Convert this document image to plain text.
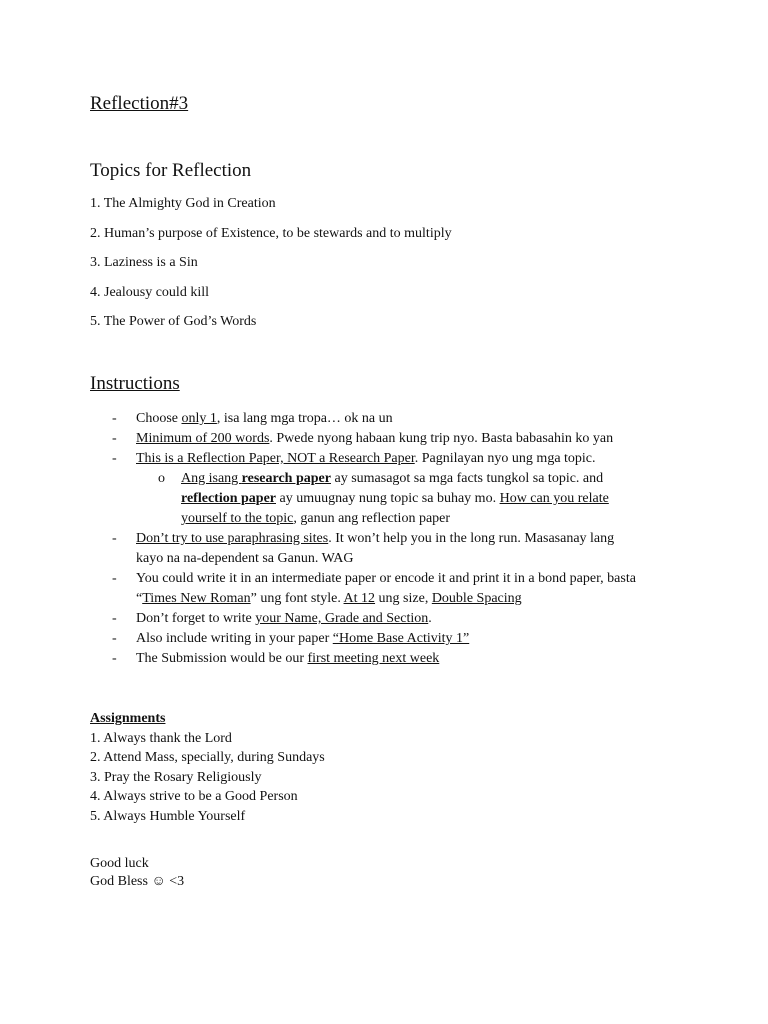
Reflection#3
Topics for Reflection
1. The Almighty God in Creation
2. Human’s purpose of Existence, to be stewards and to multiply
3. Laziness is a Sin
4. Jealousy could kill
5. The Power of God’s Words
Instructions
- Choose only 1, isa lang mga tropa… ok na un
- Minimum of 200 words. Pwede nyong habaan kung trip nyo. Basta babasahin ko yan
- This is a Reflection Paper, NOT a Research Paper. Pagnilayan nyo ung mga topic.
o Ang isang research paper ay sumasagot sa mga facts tungkol sa topic. and
reflection paper ay umuugnay nung topic sa buhay mo. How can you relate
yourself to the topic, ganun ang reflection paper
- Don’t try to use paraphrasing sites. It won’t help you in the long run. Masasanay lang
kayo na na-dependent sa Ganun. WAG
- You could write it in an intermediate paper or encode it and print it in a bond paper, basta
“Times New Roman” ung font style. At 12 ung size, Double Spacing
- Don’t forget to write your Name, Grade and Section.
- Also include writing in your paper “Home Base Activity 1”
- The Submission would be our first meeting next week
Assignments
1. Always thank the Lord
2. Attend Mass, specially, during Sundays
3. Pray the Rosary Religiously
4. Always strive to be a Good Person
5. Always Humble Yourself
Good luck
God Bless ☺ <3
